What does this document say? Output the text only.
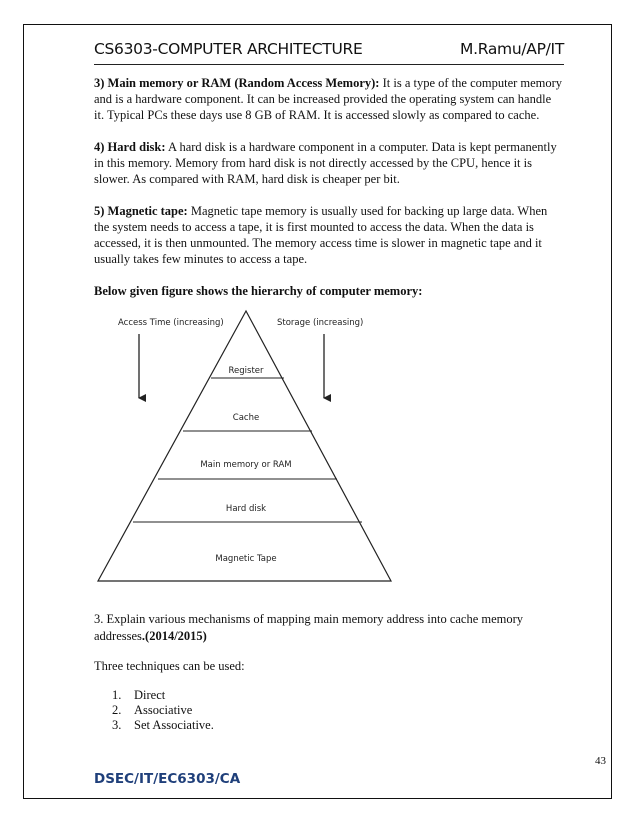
CS6303-COMPUTER ARCHITECTURE	M.Ramu/AP/IT

3) Main memory or RAM (Random Access Memory): It is a type of the computer memory and is a hardware component. It can be increased provided the operating system can handle it. Typical PCs these days use 8 GB of RAM. It is accessed slowly as compared to cache.

4) Hard disk: A hard disk is a hardware component in a computer. Data is kept permanently in this memory. Memory from hard disk is not directly accessed by the CPU, hence it is slower. As compared with RAM, hard disk is cheaper per bit.

5) Magnetic tape: Magnetic tape memory is usually used for backing up large data. When the system needs to access a tape, it is first mounted to access the data. When the data is accessed, it is then unmounted. The memory access time is slower in magnetic tape and it usually takes few minutes to access a tape.

Below given figure shows the hierarchy of computer memory:

Access Time (increasing)	Storage (increasing)
Register
Cache
Main memory or RAM
Hard disk
Magnetic Tape
3. Explain various mechanisms of mapping main memory address into cache memory addresses.(2014/2015)
Three techniques can be used:
1.	Direct
2.	Associative
3.	Set Associative.
43
DSEC/IT/EC6303/CA
